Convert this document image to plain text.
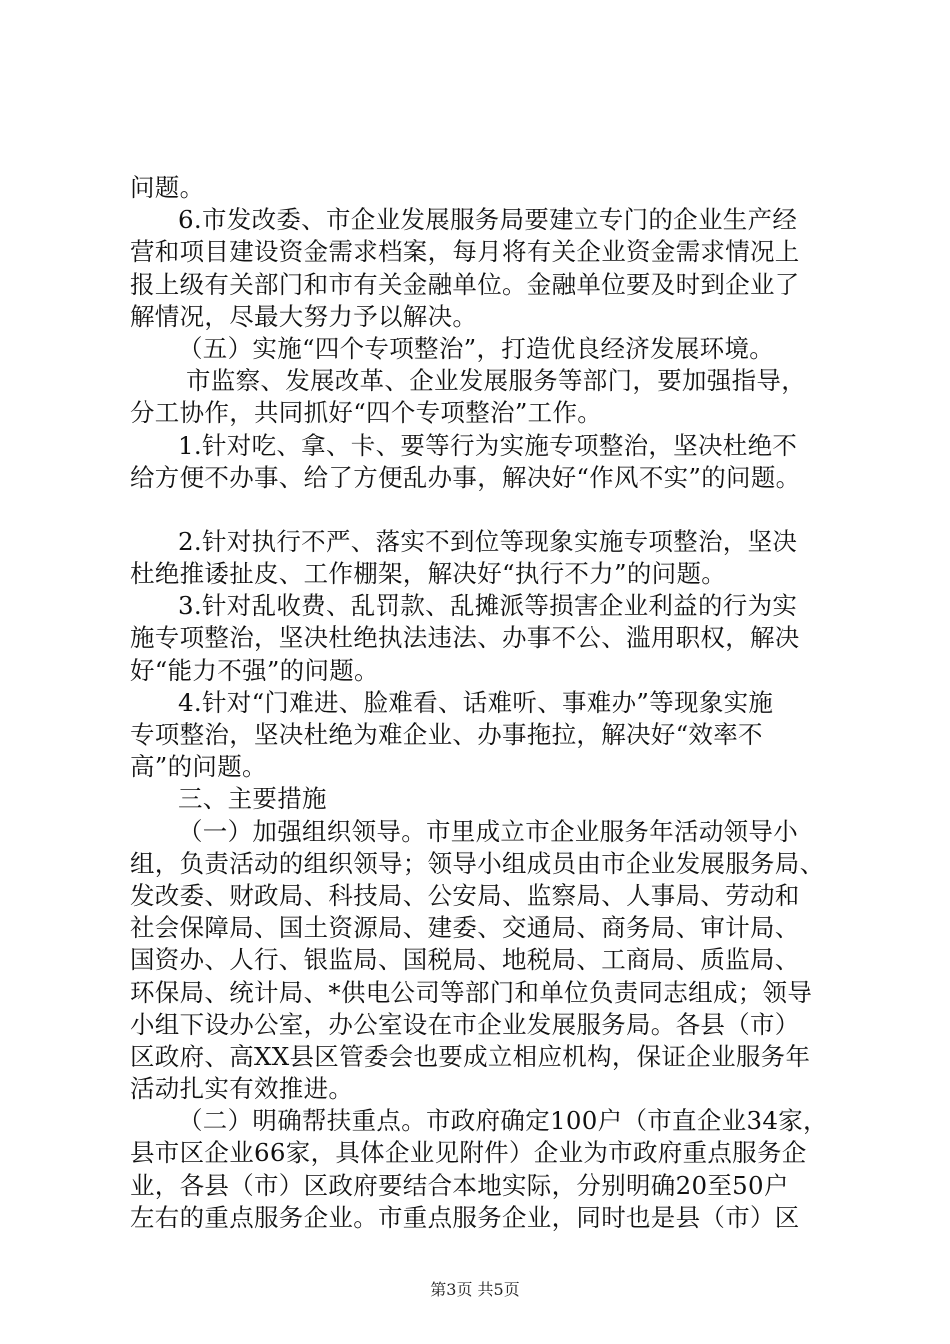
问题。
6.市发改委、市企业发展服务局要建立专门的企业生产经
营和项目建设资金需求档案，每月将有关企业资金需求情况上
报上级有关部门和市有关金融单位。金融单位要及时到企业了
解情况，尽最大努力予以解决。
（五）实施“四个专项整治”，打造优良经济发展环境。
市监察、发展改革、企业发展服务等部门，要加强指导，
分工协作，共同抓好“四个专项整治”工作。
1.针对吃、拿、卡、要等行为实施专项整治，坚决杜绝不
给方便不办事、给了方便乱办事，解决好“作风不实”的问题。
2.针对执行不严、落实不到位等现象实施专项整治，坚决
杜绝推诿扯皮、工作棚架，解决好“执行不力”的问题。
3.针对乱收费、乱罚款、乱摊派等损害企业利益的行为实
施专项整治，坚决杜绝执法违法、办事不公、滥用职权，解决
好“能力不强”的问题。
4.针对“门难进、脸难看、话难听、事难办”等现象实施
专项整治，坚决杜绝为难企业、办事拖拉，解决好“效率不
高”的问题。
三、主要措施
（一）加强组织领导。市里成立市企业服务年活动领导小
组，负责活动的组织领导；领导小组成员由市企业发展服务局、
发改委、财政局、科技局、公安局、监察局、人事局、劳动和
社会保障局、国土资源局、建委、交通局、商务局、审计局、
国资办、人行、银监局、国税局、地税局、工商局、质监局、
环保局、统计局、*供电公司等部门和单位负责同志组成；领导
小组下设办公室，办公室设在市企业发展服务局。各县（市）
区政府、高XX县区管委会也要成立相应机构，保证企业服务年
活动扎实有效推进。
（二）明确帮扶重点。市政府确定100户（市直企业34家，
县市区企业66家，具体企业见附件）企业为市政府重点服务企
业，各县（市）区政府要结合本地实际，分别明确20至50户
左右的重点服务企业。市重点服务企业，同时也是县（市）区
第3页 共5页
